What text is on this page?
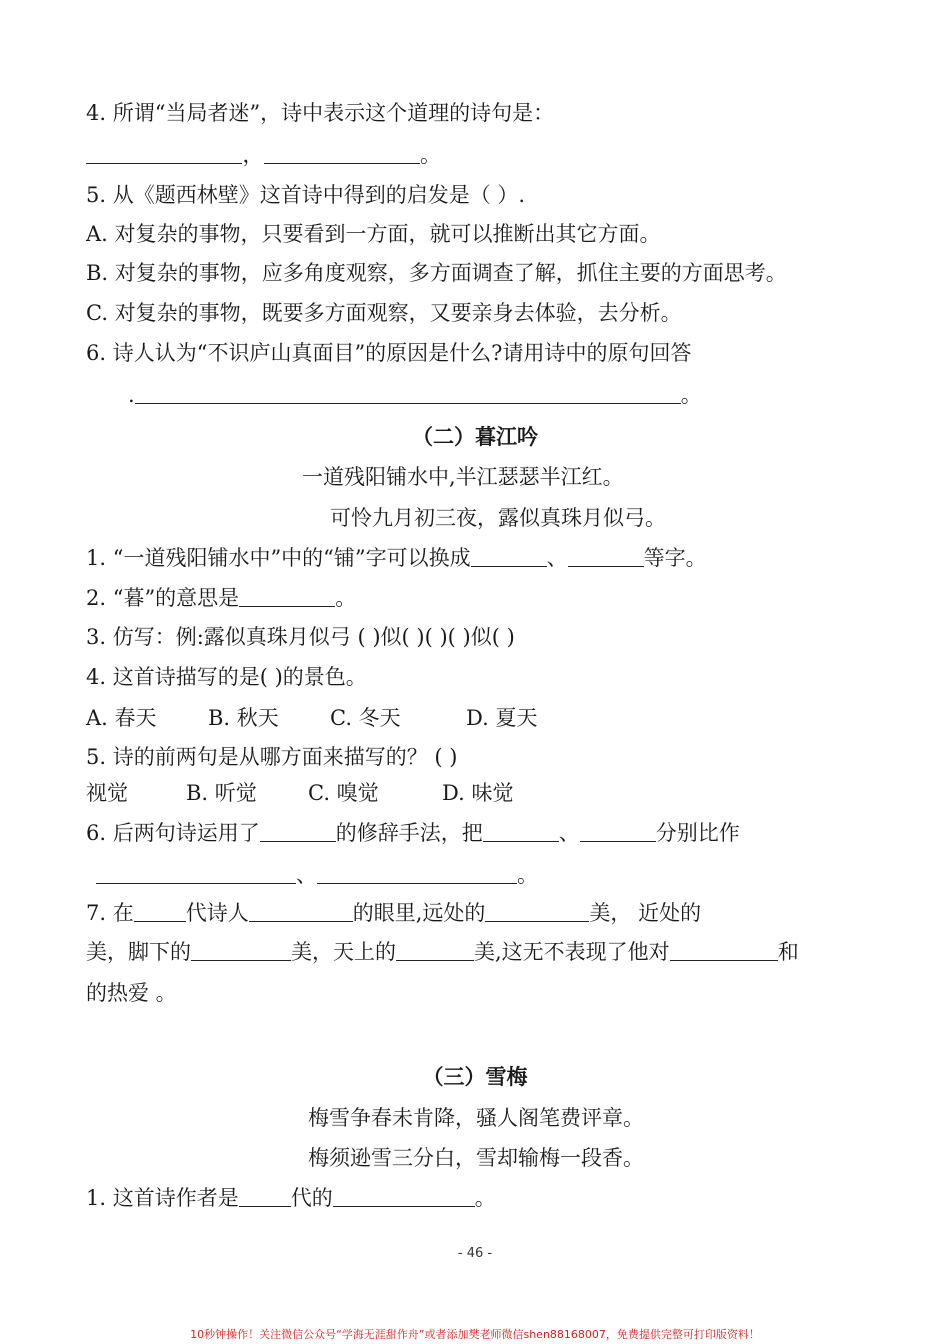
4. 所谓“当局者迷”，诗中表示这个道理的诗句是：
，	。
5. 从《题西林壁》这首诗中得到的启发是（ ）.
A. 对复杂的事物，只要看到一方面，就可以推断出其它方面。
B. 对复杂的事物，应多角度观察，多方面调查了解，抓住主要的方面思考。
C. 对复杂的事物，既要多方面观察，又要亲身去体验，去分析。
6. 诗人认为“不识庐山真面目”的原因是什么?请用诗中的原句回答
.	。
（二）暮江吟
一道残阳铺水中,半江瑟瑟半江红。
可怜九月初三夜，露似真珠月似弓。
1. “一道残阳铺水中”中的“铺”字可以换成	、	等字。
2. “暮”的意思是	。
3. 仿写：例:露似真珠月似弓 ( )似( )( )( )似( )
4. 这首诗描写的是( )的景色。
A. 春天 B. 秋天 C. 冬天	D. 夏天
5. 诗的前两句是从哪方面来描写的？ ( )
视觉	B. 听觉 C. 嗅觉	D. 味觉
6. 后两句诗运用了	的修辞手法，把	、	分别比作
、	。
7. 在 代诗人	的眼里,远处的	美， 近处的
美，脚下的	美，天上的	美,这无不表现了他对	和
的热爱 。
（三）雪梅
梅雪争春未肯降，骚人阁笔费评章。
梅须逊雪三分白，雪却输梅一段香。
1. 这首诗作者是 代的	。
- 46 -
10秒钟操作！关注微信公众号“学海无涯甜作舟”或者添加樊老师微信shen88168007，免费提供完整可打印版资料！
